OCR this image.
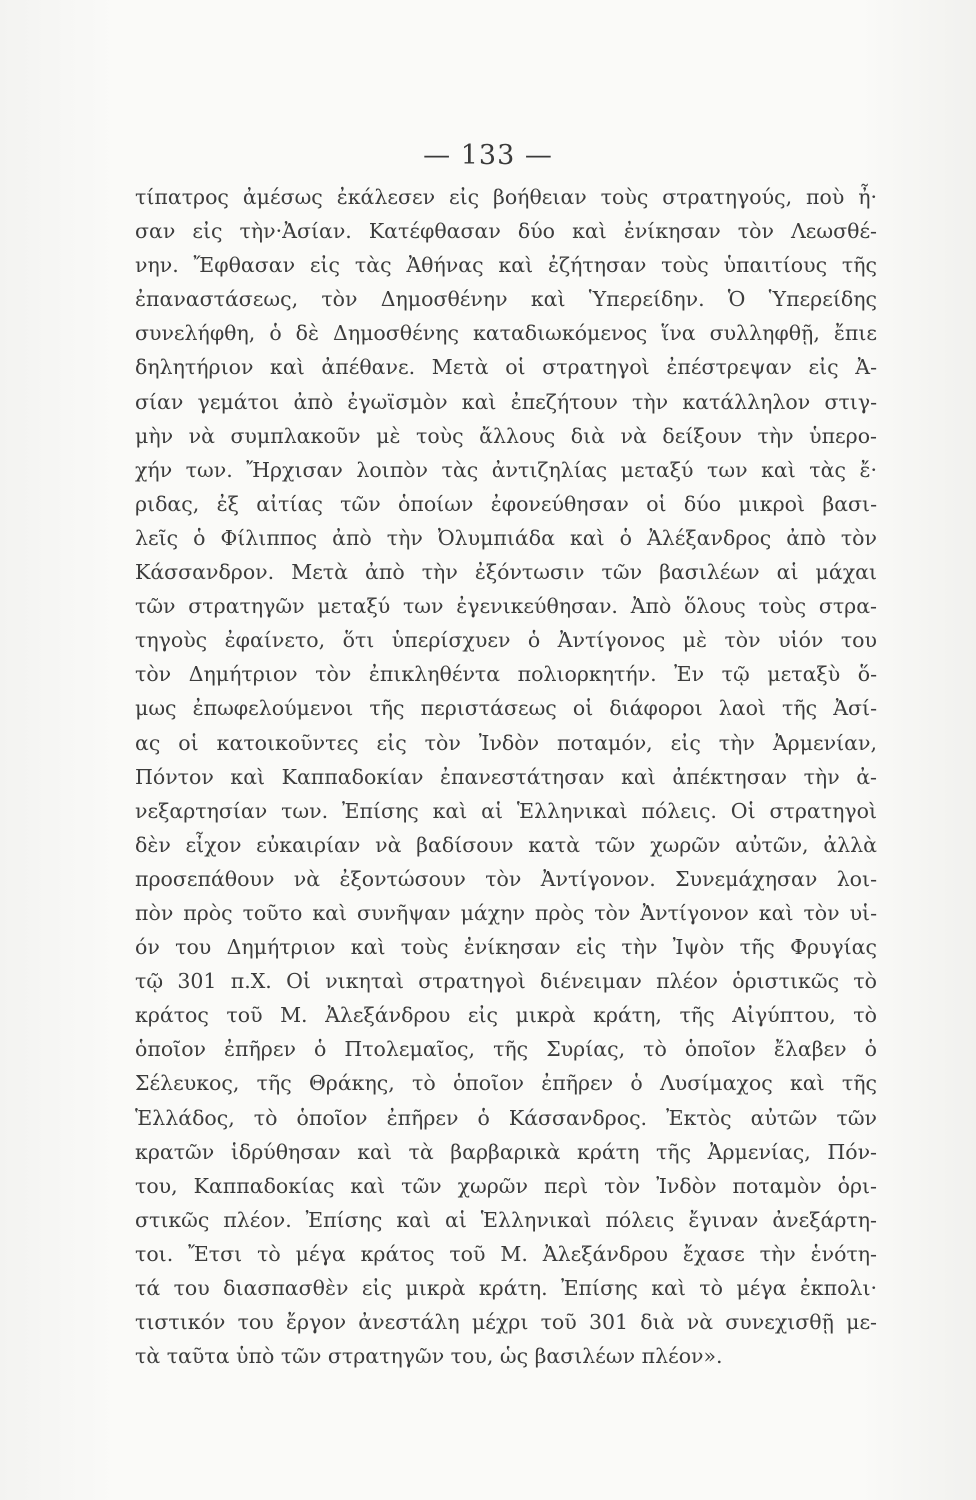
— 133 —
τίπατρος ἀμέσως ἐκάλεσεν εἰς βοήθειαν τοὺς στρατηγούς, ποὺ ἦ·
σαν εἰς τὴν·Ἀσίαν. Κατέφθασαν δύο καὶ ἐνίκησαν τὸν Λεωσθέ-
νην. Ἔφθασαν εἰς τὰς Ἀθήνας καὶ ἐζήτησαν τοὺς ὑπαιτίους τῆς
ἐπαναστάσεως, τὸν Δημοσθένην καὶ Ὑπερείδην. Ὁ Ὑπερείδης
συνελήφθη, ὁ δὲ Δημοσθένης καταδιωκόμενος ἵνα συλληφθῇ, ἔπιε
δηλητήριον καὶ ἀπέθανε. Μετὰ οἱ στρατηγοὶ ἐπέστρεψαν εἰς Ἀ-
σίαν γεμάτοι ἀπὸ ἐγωϊσμὸν καὶ ἐπεζήτουν τὴν κατάλληλον στιγ-
μὴν νὰ συμπλακοῦν μὲ τοὺς ἄλλους διὰ νὰ δείξουν τὴν ὑπερο-
χήν των. Ἤρχισαν λοιπὸν τὰς ἀντιζηλίας μεταξύ των καὶ τὰς ἔ·
ριδας, ἐξ αἰτίας τῶν ὁποίων ἐφονεύθησαν οἱ δύο μικροὶ βασι-
λεῖς ὁ Φίλιππος ἀπὸ τὴν Ὀλυμπιάδα καὶ ὁ Ἀλέξανδρος ἀπὸ τὸν
Κάσσανδρον. Μετὰ ἀπὸ τὴν ἐξόντωσιν τῶν βασιλέων αἱ μάχαι
τῶν στρατηγῶν μεταξύ των ἐγενικεύθησαν. Ἀπὸ ὅλους τοὺς στρα-
τηγοὺς ἐφαίνετο, ὅτι ὑπερίσχυεν ὁ Ἀντίγονος μὲ τὸν υἱόν του
τὸν Δημήτριον τὸν ἐπικληθέντα πολιορκητήν. Ἐν τῷ μεταξὺ ὅ-
μως ἐπωφελούμενοι τῆς περιστάσεως οἱ διάφοροι λαοὶ τῆς Ἀσί-
ας οἱ κατοικοῦντες εἰς τὸν Ἰνδὸν ποταμόν, εἰς τὴν Ἀρμενίαν,
Πόντον καὶ Καππαδοκίαν ἐπανεστάτησαν καὶ ἀπέκτησαν τὴν ἀ-
νεξαρτησίαν των. Ἐπίσης καὶ αἱ Ἑλληνικαὶ πόλεις. Οἱ στρατηγοὶ
δὲν εἶχον εὐκαιρίαν νὰ βαδίσουν κατὰ τῶν χωρῶν αὐτῶν, ἀλλὰ
προσεπάθουν νὰ ἐξοντώσουν τὸν Ἀντίγονον. Συνεμάχησαν λοι-
πὸν πρὸς τοῦτο καὶ συνῆψαν μάχην πρὸς τὸν Ἀντίγονον καὶ τὸν υἱ-
όν του Δημήτριον καὶ τοὺς ἐνίκησαν εἰς τὴν Ἰψὸν τῆς Φρυγίας
τῷ 301 π.Χ. Οἱ νικηταὶ στρατηγοὶ διένειμαν πλέον ὁριστικῶς τὸ
κράτος τοῦ Μ. Ἀλεξάνδρου εἰς μικρὰ κράτη, τῆς Αἰγύπτου, τὸ
ὁποῖον ἐπῆρεν ὁ Πτολεμαῖος, τῆς Συρίας, τὸ ὁποῖον ἔλαβεν ὁ
Σέλευκος, τῆς Θράκης, τὸ ὁποῖον ἐπῆρεν ὁ Λυσίμαχος καὶ τῆς
Ἑλλάδος, τὸ ὁποῖον ἐπῆρεν ὁ Κάσσανδρος. Ἐκτὸς αὐτῶν τῶν
κρατῶν ἱδρύθησαν καὶ τὰ βαρβαρικὰ κράτη τῆς Ἀρμενίας, Πόν-
του, Καππαδοκίας καὶ τῶν χωρῶν περὶ τὸν Ἰνδὸν ποταμὸν ὁρι-
στικῶς πλέον. Ἐπίσης καὶ αἱ Ἑλληνικαὶ πόλεις ἔγιναν ἀνεξάρτη-
τοι. Ἔτσι τὸ μέγα κράτος τοῦ Μ. Ἀλεξάνδρου ἔχασε τὴν ἑνότη-
τά του διασπασθὲν εἰς μικρὰ κράτη. Ἐπίσης καὶ τὸ μέγα ἐκπολι·
τιστικόν του ἔργον ἀνεστάλη μέχρι τοῦ 301 διὰ νὰ συνεχισθῇ με-
τὰ ταῦτα ὑπὸ τῶν στρατηγῶν του, ὡς βασιλέων πλέον».
